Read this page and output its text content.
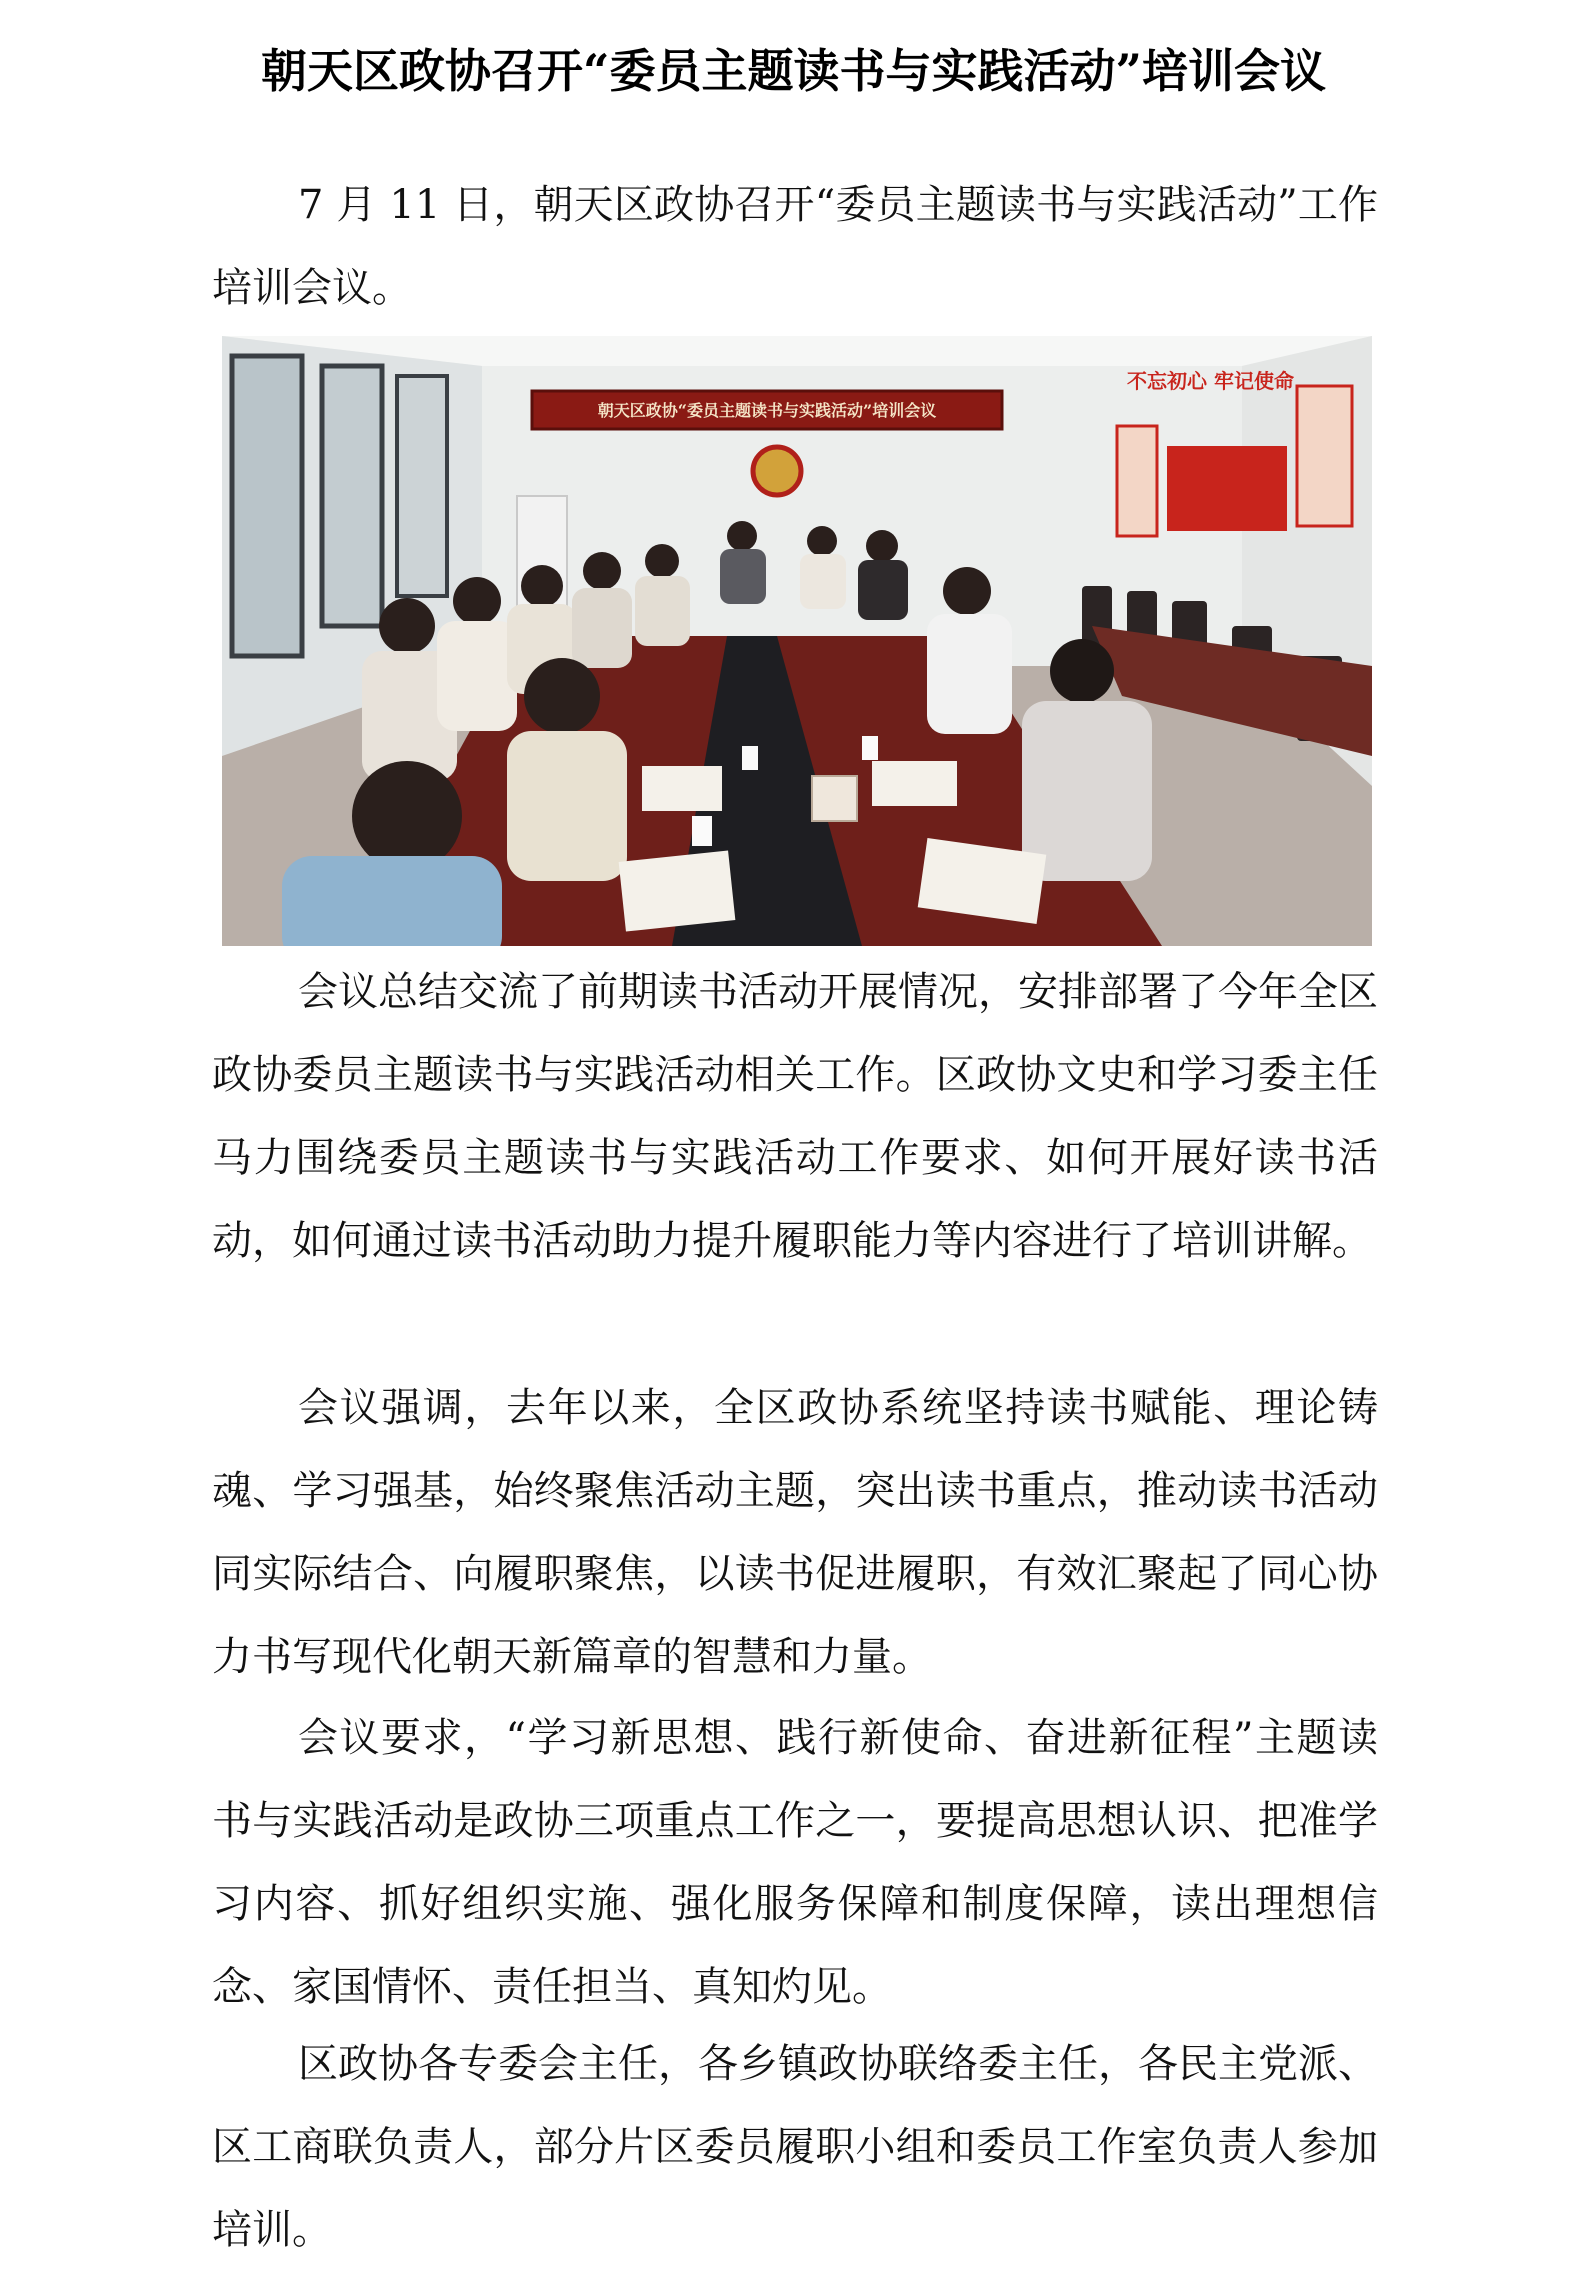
朝天区政协召开“委员主题读书与实践活动”培训会议

7 月 11 日，朝天区政协召开“委员主题读书与实践活动”工作培训会议。

不忘初心 牢记使命
朝天区政协“委员主题读书与实践活动”培训会议

会议总结交流了前期读书活动开展情况，安排部署了今年全区政协委员主题读书与实践活动相关工作。区政协文史和学习委主任马力围绕委员主题读书与实践活动工作要求、如何开展好读书活动，如何通过读书活动助力提升履职能力等内容进行了培训讲解。

会议强调，去年以来，全区政协系统坚持读书赋能、理论铸魂、学习强基，始终聚焦活动主题，突出读书重点，推动读书活动同实际结合、向履职聚焦，以读书促进履职，有效汇聚起了同心协力书写现代化朝天新篇章的智慧和力量。

会议要求，“学习新思想、践行新使命、奋进新征程”主题读书与实践活动是政协三项重点工作之一，要提高思想认识、把准学习内容、抓好组织实施、强化服务保障和制度保障，读出理想信念、家国情怀、责任担当、真知灼见。

区政协各专委会主任，各乡镇政协联络委主任，各民主党派、区工商联负责人，部分片区委员履职小组和委员工作室负责人参加培训。
